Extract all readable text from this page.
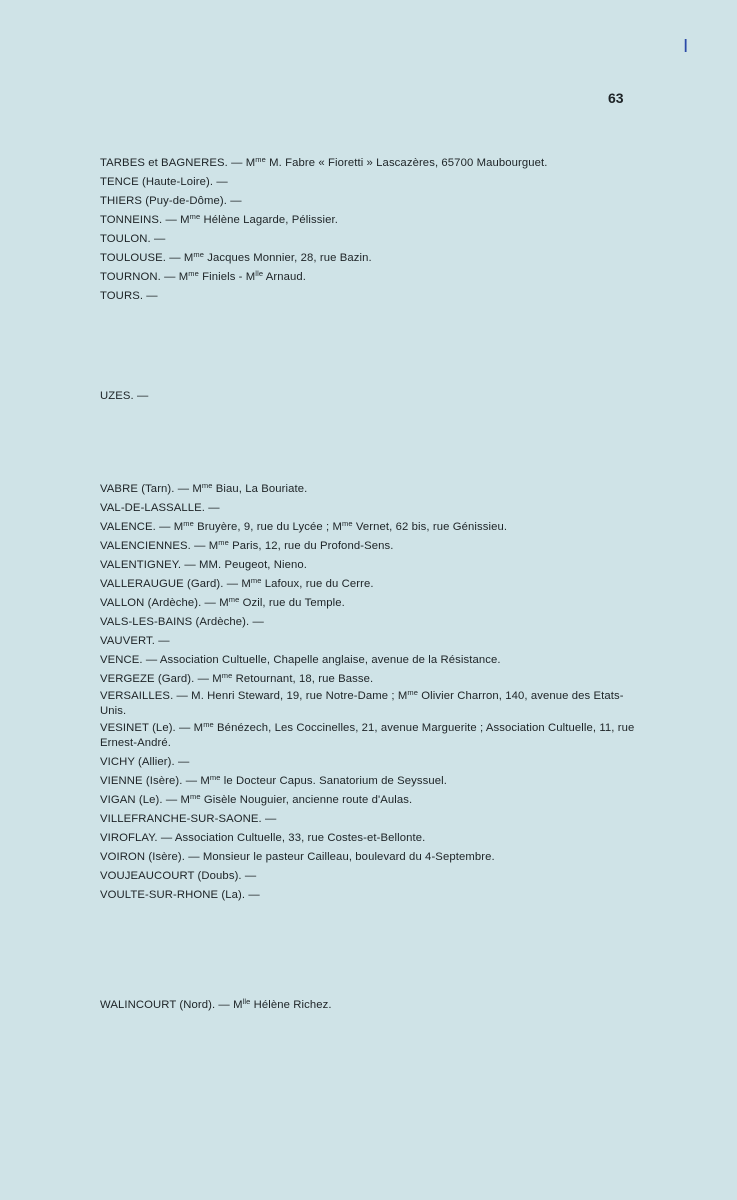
I
63
TARBES et BAGNERES. — $M^{me}$ M. Fabre « Fioretti » Lascazères, 65700 Maubourguet.
TENCE (Haute-Loire). —
THIERS (Puy-de-Dôme). —
TONNEINS. — $M^{me}$ Hélène Lagarde, Pélissier.
TOULON. —
TOULOUSE. — $M^{me}$ Jacques Monnier, 28, rue Bazin.
TOURNON. — $M^{me}$ Finiels - $M^{lle}$ Arnaud.
TOURS. —
UZES. —
VABRE (Tarn). — $M^{me}$ Biau, La Bouriate.
VAL-DE-LASSALLE. —
VALENCE. — $M^{me}$ Bruyère, 9, rue du Lycée ; $M^{me}$ Vernet, 62 bis, rue Génissieu.
VALENCIENNES. — $M^{me}$ Paris, 12, rue du Profond-Sens.
VALENTIGNEY. — MM. Peugeot, Nieno.
VALLERAUGUE (Gard). — $M^{me}$ Lafoux, rue du Cerre.
VALLON (Ardèche). — $M^{me}$ Ozil, rue du Temple.
VALS-LES-BAINS (Ardèche). —
VAUVERT. —
VENCE. — Association Cultuelle, Chapelle anglaise, avenue de la Résistance.
VERGEZE (Gard). — $M^{me}$ Retournant, 18, rue Basse.
VERSAILLES. — M. Henri Steward, 19, rue Notre-Dame ; $M^{me}$ Olivier Charron, 140, avenue des Etats-Unis.
VESINET (Le). — $M^{me}$ Bénézech, Les Coccinelles, 21, avenue Marguerite ; Association Cultuelle, 11, rue Ernest-André.
VICHY (Allier). —
VIENNE (Isère). — $M^{me}$ le Docteur Capus. Sanatorium de Seyssuel.
VIGAN (Le). — $M^{me}$ Gisèle Nouguier, ancienne route d'Aulas.
VILLEFRANCHE-SUR-SAONE. —
VIROFLAY. — Association Cultuelle, 33, rue Costes-et-Bellonte.
VOIRON (Isère). — Monsieur le pasteur Cailleau, boulevard du 4-Septembre.
VOUJEAUCOURT (Doubs). —
VOULTE-SUR-RHONE (La). —
WALINCOURT (Nord). — $M^{lle}$ Hélène Richez.
